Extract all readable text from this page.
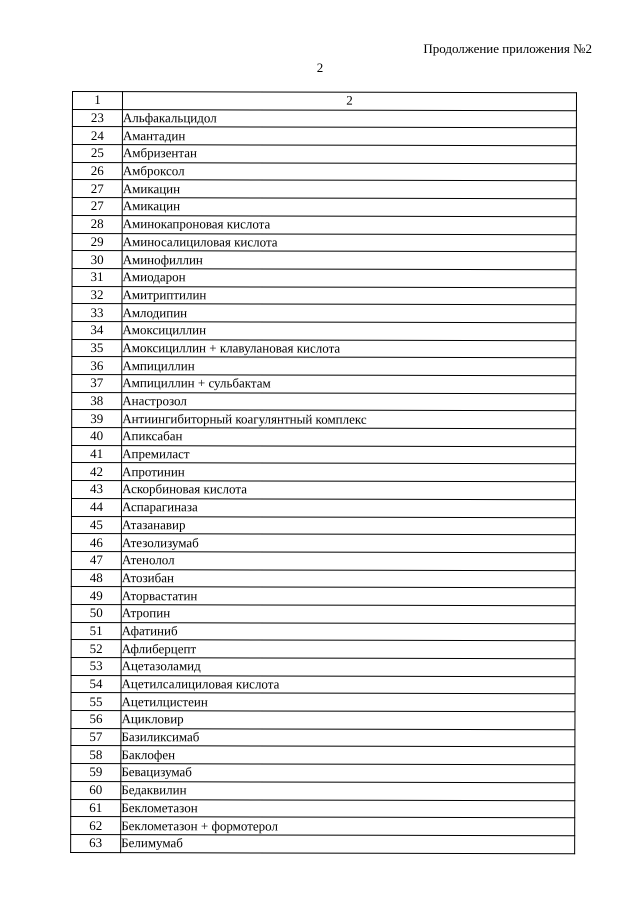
Продолжение приложения №2
2
1	2
23	Альфакальцидол
24	Амантадин
25	Амбризентан
26	Амброксол
27	Амикацин
27	Амикацин
28	Аминокапроновая кислота
29	Аминосалициловая кислота
30	Аминофиллин
31	Амиодарон
32	Амитриптилин
33	Амлодипин
34	Амоксициллин
35	Амоксициллин + клавулановая кислота
36	Ампициллин
37	Ампициллин + сульбактам
38	Анастрозол
39	Антиингибиторный коагулянтный комплекс
40	Апиксабан
41	Апремиласт
42	Апротинин
43	Аскорбиновая кислота
44	Аспарагиназа
45	Атазанавир
46	Атезолизумаб
47	Атенолол
48	Атозибан
49	Аторвастатин
50	Атропин
51	Афатиниб
52	Афлиберцепт
53	Ацетазоламид
54	Ацетилсалициловая кислота
55	Ацетилцистеин
56	Ацикловир
57	Базиликсимаб
58	Баклофен
59	Бевацизумаб
60	Бедаквилин
61	Беклометазон
62	Беклометазон + формотерол
63	Белимумаб
